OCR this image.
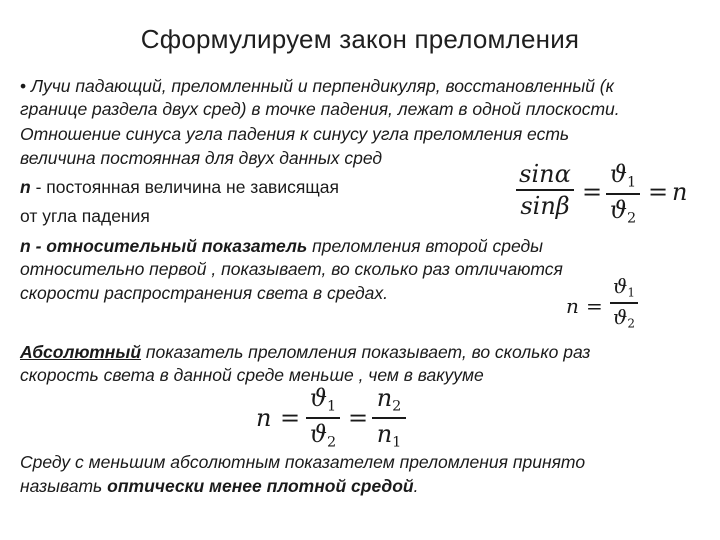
Сформулируем закон преломления
• Лучи падающий, преломленный и перпендикуляр, восстановленный (к
границе раздела двух сред) в точке падения, лежат в одной плоскости.
Отношение синуса угла падения к синусу угла преломления есть
величина постоянная для двух данных сред
n - постоянная величина не зависящая
от угла падения
n - относительный показатель преломления второй среды
относительно первой , показывает, во сколько раз отличаются
скорости распространения света в средах.
Абсолютный показатель преломления показывает, во сколько раз
скорость света в данной среде меньше , чем в вакууме
Среду с меньшим абсолютным показателем преломления принято
называть оптически менее плотной средой.
sinα
sinβ =
$ϑ_1$
$ϑ_2$
= n
n =
$ϑ_1$
$ϑ_2$
n =
$ϑ_1$
$ϑ_2$
=
$n_2$
$n_1$
